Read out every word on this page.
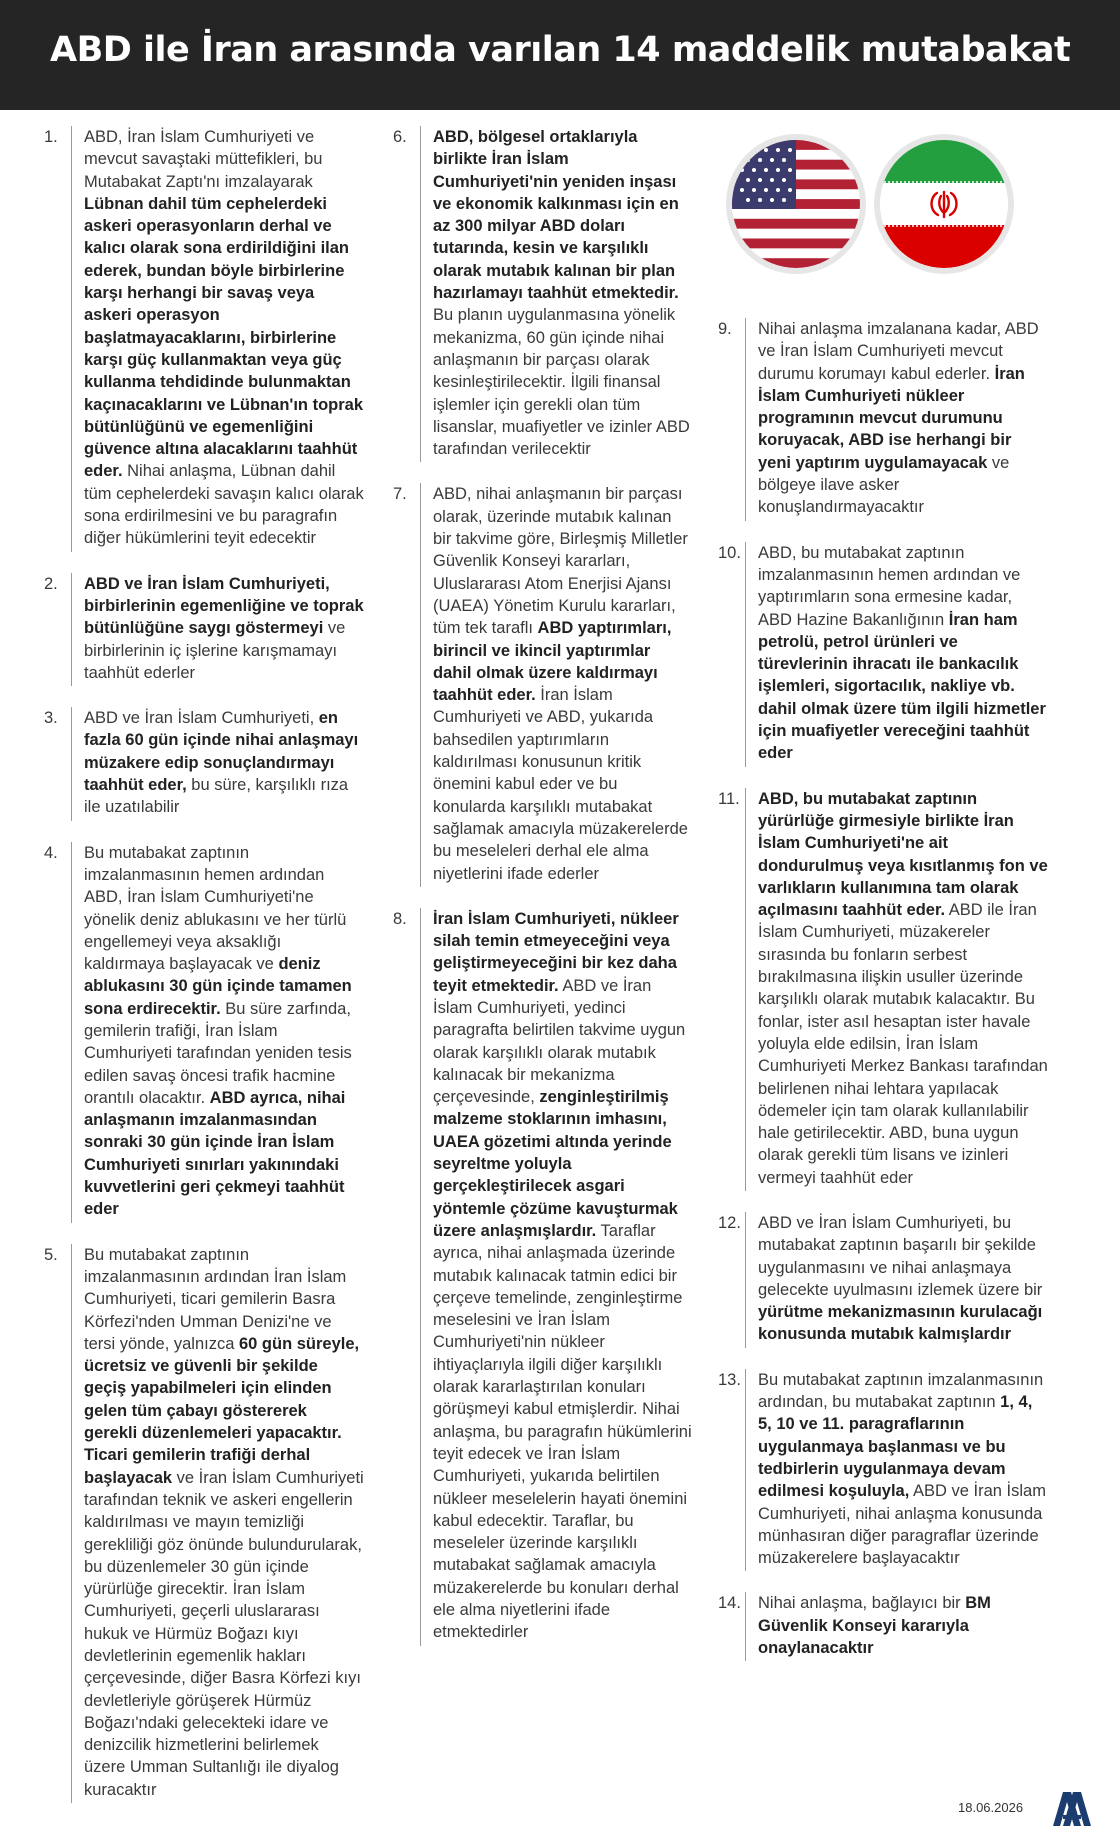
ABD ile İran arasında varılan 14 maddelik mutabakat
1.	ABD, İran İslam Cumhuriyeti ve mevcut savaştaki müttefikleri, bu Mutabakat Zaptı'nı imzalayarak Lübnan dahil tüm cephelerdeki askeri operasyonların derhal ve kalıcı olarak sona erdirildiğini ilan ederek, bundan böyle birbirlerine karşı herhangi bir savaş veya askeri operasyon başlatmayacaklarını, birbirlerine karşı güç kullanmaktan veya güç kullanma tehdidinde bulunmaktan kaçınacaklarını ve Lübnan'ın toprak bütünlüğünü ve egemenliğini güvence altına alacaklarını taahhüt eder. Nihai anlaşma, Lübnan dahil tüm cephelerdeki savaşın kalıcı olarak sona erdirilmesini ve bu paragrafın diğer hükümlerini teyit edecektir
2.	ABD ve İran İslam Cumhuriyeti, birbirlerinin egemenliğine ve toprak bütünlüğüne saygı göstermeyi ve birbirlerinin iç işlerine karışmamayı taahhüt ederler
3.	ABD ve İran İslam Cumhuriyeti, en fazla 60 gün içinde nihai anlaşmayı müzakere edip sonuçlandırmayı taahhüt eder, bu süre, karşılıklı rıza ile uzatılabilir
4.	Bu mutabakat zaptının imzalanmasının hemen ardından ABD, İran İslam Cumhuriyeti'ne yönelik deniz ablukasını ve her türlü engellemeyi veya aksaklığı kaldırmaya başlayacak ve deniz ablukasını 30 gün içinde tamamen sona erdirecektir. Bu süre zarfında, gemilerin trafiği, İran İslam Cumhuriyeti tarafından yeniden tesis edilen savaş öncesi trafik hacmine orantılı olacaktır. ABD ayrıca, nihai anlaşmanın imzalanmasından sonraki 30 gün içinde İran İslam Cumhuriyeti sınırları yakınındaki kuvvetlerini geri çekmeyi taahhüt eder
5.	Bu mutabakat zaptının imzalanmasının ardından İran İslam Cumhuriyeti, ticari gemilerin Basra Körfezi'nden Umman Denizi'ne ve tersi yönde, yalnızca 60 gün süreyle, ücretsiz ve güvenli bir şekilde geçiş yapabilmeleri için elinden gelen tüm çabayı göstererek gerekli düzenlemeleri yapacaktır. Ticari gemilerin trafiği derhal başlayacak ve İran İslam Cumhuriyeti tarafından teknik ve askeri engellerin kaldırılması ve mayın temizliği gerekliliği göz önünde bulundurularak, bu düzenlemeler 30 gün içinde yürürlüğe girecektir. İran İslam Cumhuriyeti, geçerli uluslararası hukuk ve Hürmüz Boğazı kıyı devletlerinin egemenlik hakları çerçevesinde, diğer Basra Körfezi kıyı devletleriyle görüşerek Hürmüz Boğazı'ndaki gelecekteki idare ve denizcilik hizmetlerini belirlemek üzere Umman Sultanlığı ile diyalog kuracaktır
6.	ABD, bölgesel ortaklarıyla birlikte İran İslam Cumhuriyeti'nin yeniden inşası ve ekonomik kalkınması için en az 300 milyar ABD doları tutarında, kesin ve karşılıklı olarak mutabık kalınan bir plan hazırlamayı taahhüt etmektedir. Bu planın uygulanmasına yönelik mekanizma, 60 gün içinde nihai anlaşmanın bir parçası olarak kesinleştirilecektir. İlgili finansal işlemler için gerekli olan tüm lisanslar, muafiyetler ve izinler ABD tarafından verilecektir
7.	ABD, nihai anlaşmanın bir parçası olarak, üzerinde mutabık kalınan bir takvime göre, Birleşmiş Milletler Güvenlik Konseyi kararları, Uluslararası Atom Enerjisi Ajansı (UAEA) Yönetim Kurulu kararları, tüm tek taraflı ABD yaptırımları, birincil ve ikincil yaptırımlar dahil olmak üzere kaldırmayı taahhüt eder. İran İslam Cumhuriyeti ve ABD, yukarıda bahsedilen yaptırımların kaldırılması konusunun kritik önemini kabul eder ve bu konularda karşılıklı mutabakat sağlamak amacıyla müzakerelerde bu meseleleri derhal ele alma niyetlerini ifade ederler
8.	İran İslam Cumhuriyeti, nükleer silah temin etmeyeceğini veya geliştirmeyeceğini bir kez daha teyit etmektedir. ABD ve İran İslam Cumhuriyeti, yedinci paragrafta belirtilen takvime uygun olarak karşılıklı olarak mutabık kalınacak bir mekanizma çerçevesinde, zenginleştirilmiş malzeme stoklarının imhasını, UAEA gözetimi altında yerinde seyreltme yoluyla gerçekleştirilecek asgari yöntemle çözüme kavuşturmak üzere anlaşmışlardır. Taraflar ayrıca, nihai anlaşmada üzerinde mutabık kalınacak tatmin edici bir çerçeve temelinde, zenginleştirme meselesini ve İran İslam Cumhuriyeti'nin nükleer ihtiyaçlarıyla ilgili diğer karşılıklı olarak kararlaştırılan konuları görüşmeyi kabul etmişlerdir. Nihai anlaşma, bu paragrafın hükümlerini teyit edecek ve İran İslam Cumhuriyeti, yukarıda belirtilen nükleer meselelerin hayati önemini kabul edecektir. Taraflar, bu meseleler üzerinde karşılıklı mutabakat sağlamak amacıyla müzakerelerde bu konuları derhal ele alma niyetlerini ifade etmektedirler
9.	Nihai anlaşma imzalanana kadar, ABD ve İran İslam Cumhuriyeti mevcut durumu korumayı kabul ederler. İran İslam Cumhuriyeti nükleer programının mevcut durumunu koruyacak, ABD ise herhangi bir yeni yaptırım uygulamayacak ve bölgeye ilave asker konuşlandırmayacaktır
10.	ABD, bu mutabakat zaptının imzalanmasının hemen ardından ve yaptırımların sona ermesine kadar, ABD Hazine Bakanlığının İran ham petrolü, petrol ürünleri ve türevlerinin ihracatı ile bankacılık işlemleri, sigortacılık, nakliye vb. dahil olmak üzere tüm ilgili hizmetler için muafiyetler vereceğini taahhüt eder
11.	ABD, bu mutabakat zaptının yürürlüğe girmesiyle birlikte İran İslam Cumhuriyeti'ne ait dondurulmuş veya kısıtlanmış fon ve varlıkların kullanımına tam olarak açılmasını taahhüt eder. ABD ile İran İslam Cumhuriyeti, müzakereler sırasında bu fonların serbest bırakılmasına ilişkin usuller üzerinde karşılıklı olarak mutabık kalacaktır. Bu fonlar, ister asıl hesaptan ister havale yoluyla elde edilsin, İran İslam Cumhuriyeti Merkez Bankası tarafından belirlenen nihai lehtara yapılacak ödemeler için tam olarak kullanılabilir hale getirilecektir. ABD, buna uygun olarak gerekli tüm lisans ve izinleri vermeyi taahhüt eder
12.	ABD ve İran İslam Cumhuriyeti, bu mutabakat zaptının başarılı bir şekilde uygulanmasını ve nihai anlaşmaya gelecekte uyulmasını izlemek üzere bir yürütme mekanizmasının kurulacağı konusunda mutabık kalmışlardır
13.	Bu mutabakat zaptının imzalanmasının ardından, bu mutabakat zaptının 1, 4, 5, 10 ve 11. paragraflarının uygulanmaya başlanması ve bu tedbirlerin uygulanmaya devam edilmesi koşuluyla, ABD ve İran İslam Cumhuriyeti, nihai anlaşma konusunda münhasıran diğer paragraflar üzerinde müzakerelere başlayacaktır
14.	Nihai anlaşma, bağlayıcı bir BM Güvenlik Konseyi kararıyla onaylanacaktır
18.06.2026
